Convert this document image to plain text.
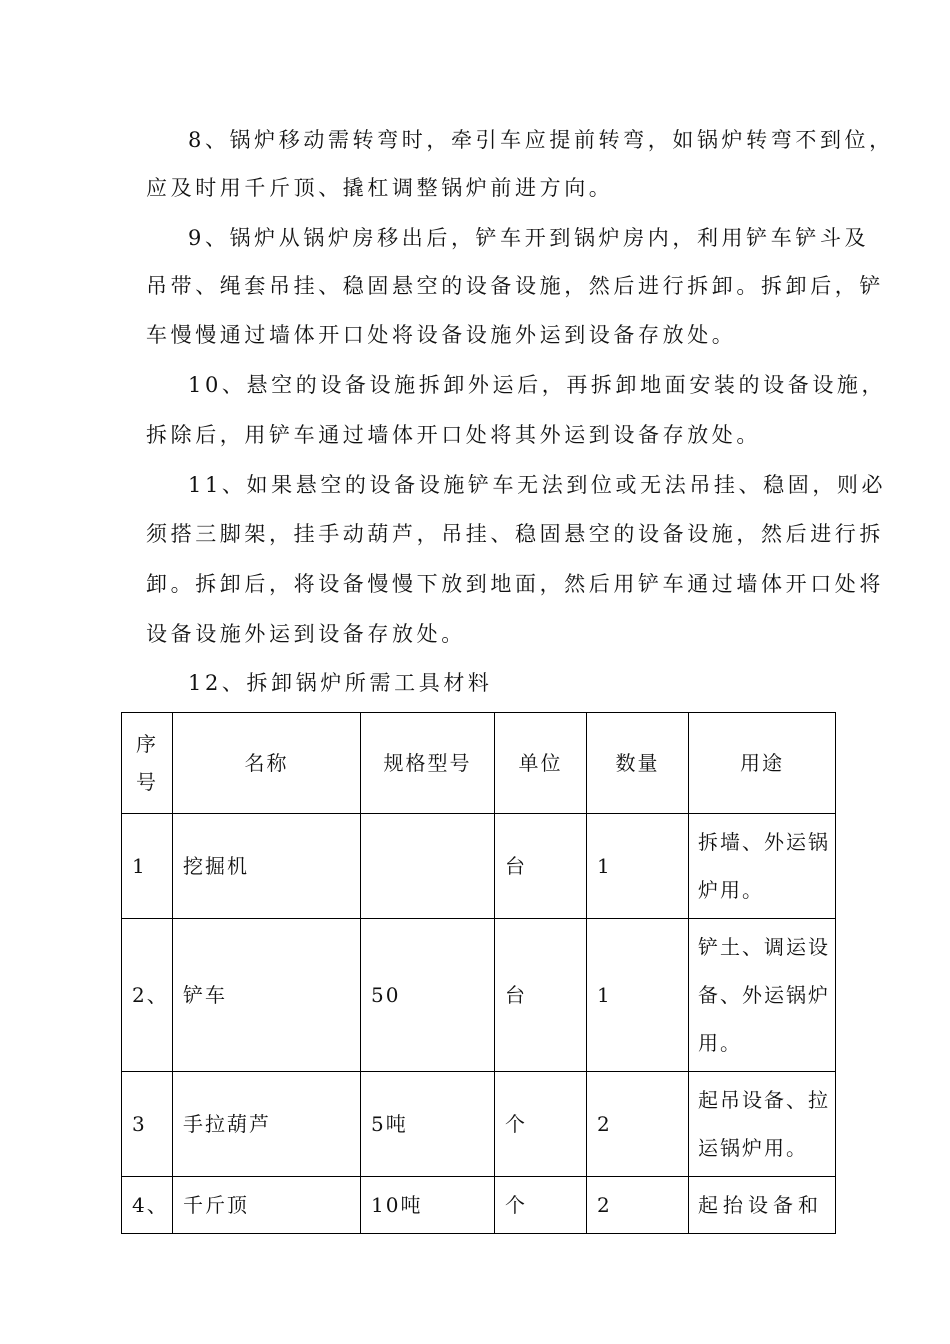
8、锅炉移动需转弯时，牵引车应提前转弯，如锅炉转弯不到位，
应及时用千斤顶、撬杠调整锅炉前进方向。
9、锅炉从锅炉房移出后，铲车开到锅炉房内，利用铲车铲斗及
吊带、绳套吊挂、稳固悬空的设备设施，然后进行拆卸。拆卸后，铲
车慢慢通过墙体开口处将设备设施外运到设备存放处。
10、悬空的设备设施拆卸外运后，再拆卸地面安装的设备设施，
拆除后，用铲车通过墙体开口处将其外运到设备存放处。
11、如果悬空的设备设施铲车无法到位或无法吊挂、稳固，则必
须搭三脚架，挂手动葫芦，吊挂、稳固悬空的设备设施，然后进行拆
卸。拆卸后，将设备慢慢下放到地面，然后用铲车通过墙体开口处将
设备设施外运到设备存放处。
12、拆卸锅炉所需工具材料
序
号	名称	规格型号	单位	数量	用途
1	挖掘机		台	1	拆墙、外运锅炉用。
2、	铲车	50	台	1	铲土、调运设备、外运锅炉用。
3	手拉葫芦	5吨	个	2	起吊设备、拉运锅炉用。
4、	千斤顶	10吨	个	2	起抬设备和
